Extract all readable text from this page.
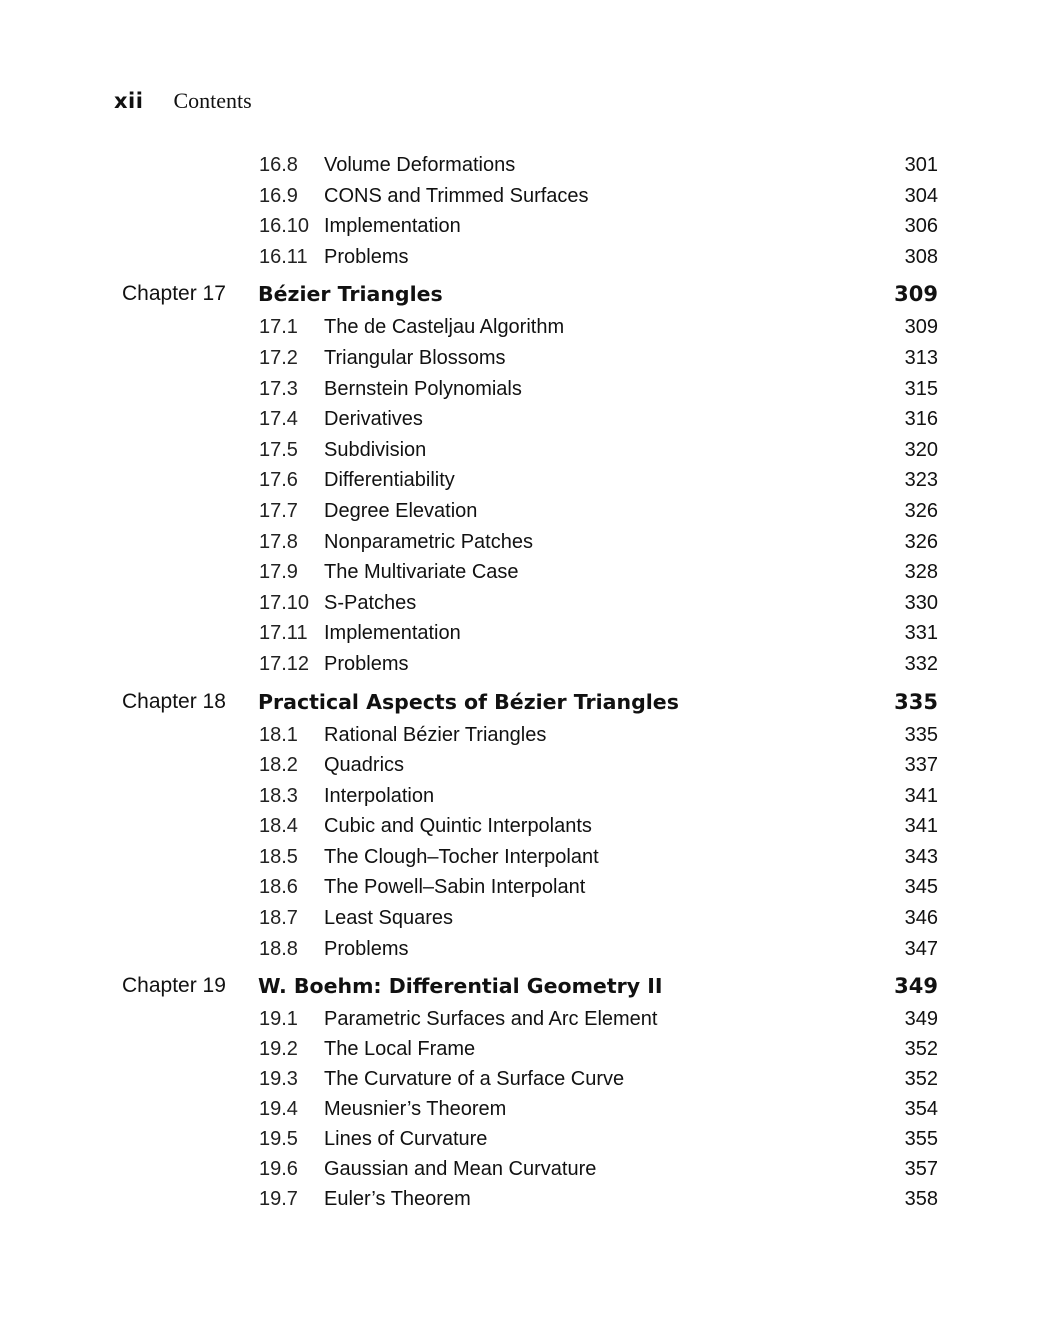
xii Contents
16.8 Volume Deformations	301
16.9 CONS and Trimmed Surfaces	304
16.10 Implementation	306
16.11 Problems	308
Chapter 17 Bézier Triangles	309
17.1 The de Casteljau Algorithm	309
17.2 Triangular Blossoms	313
17.3 Bernstein Polynomials	315
17.4 Derivatives	316
17.5 Subdivision	320
17.6 Differentiability	323
17.7 Degree Elevation	326
17.8 Nonparametric Patches	326
17.9 The Multivariate Case	328
17.10 S-Patches	330
17.11 Implementation	331
17.12 Problems	332
Chapter 18 Practical Aspects of Bézier Triangles	335
18.1 Rational Bézier Triangles	335
18.2 Quadrics	337
18.3 Interpolation	341
18.4 Cubic and Quintic Interpolants	341
18.5 The Clough–Tocher Interpolant	343
18.6 The Powell–Sabin Interpolant	345
18.7 Least Squares	346
18.8 Problems	347
Chapter 19 W. Boehm: Differential Geometry II	349
19.1 Parametric Surfaces and Arc Element	349
19.2 The Local Frame	352
19.3 The Curvature of a Surface Curve	352
19.4 Meusnier’s Theorem	354
19.5 Lines of Curvature	355
19.6 Gaussian and Mean Curvature	357
19.7 Euler’s Theorem	358
